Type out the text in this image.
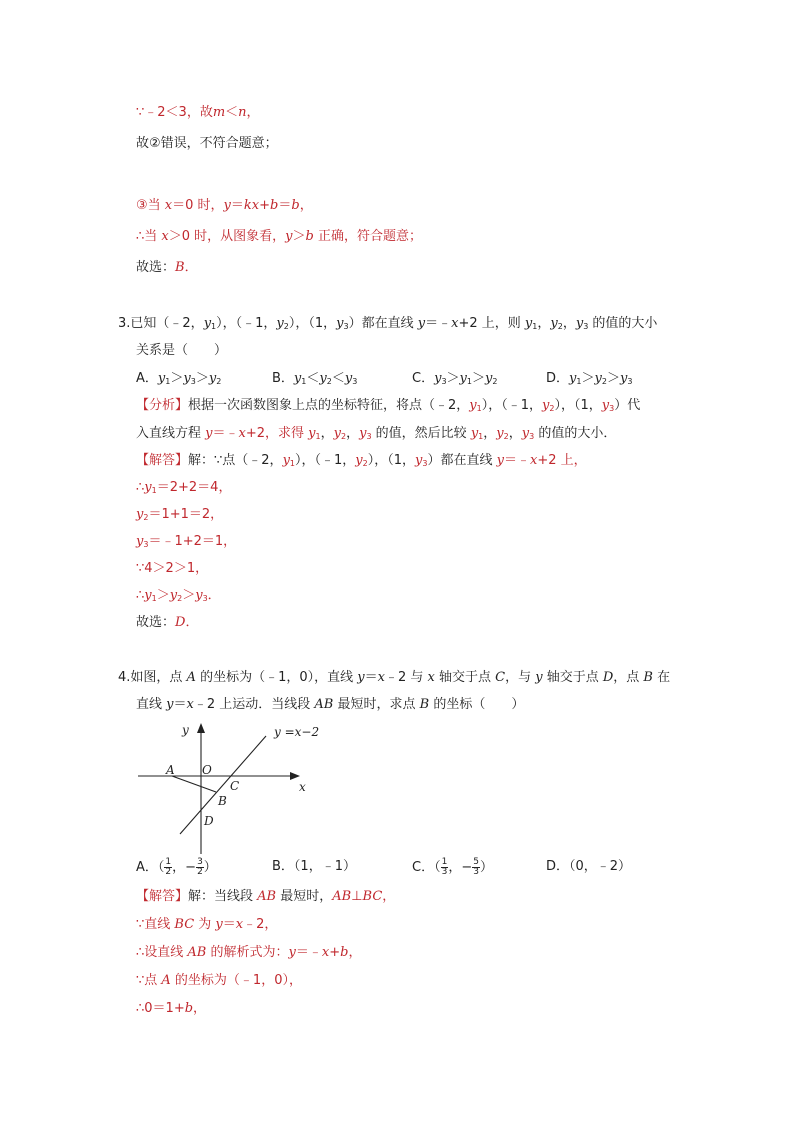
∵﹣2＜3，故m＜n，
故②错误，不符合题意；
③当 x＝0 时，y＝kx+b＝b，
∴当 x＞0 时，从图象看，y＞b 正确，符合题意；
故选：B．
3.已知（﹣2，$y_1$），（﹣1，$y_2$），（1，$y_3$）都在直线 y＝﹣x+2 上，则 $y_1$，$y_2$，$y_3$ 的值的大小
关系是（　　）
A．$y_1>y_3>y_2$	B．$y_1<y_2<y_3$	C．$y_3>y_1>y_2$	D．$y_1>y_2>y_3$
【分析】根据一次函数图象上点的坐标特征，将点（﹣2，$y_1$），（﹣1，$y_2$），（1，$y_3$）代
入直线方程 y＝﹣x+2，求得 $y_1$，$y_2$，$y_3$ 的值，然后比较 $y_1$，$y_2$，$y_3$ 的值的大小．
【解答】解：∵点（﹣2，$y_1$），（﹣1，$y_2$），（1，$y_3$）都在直线 y＝﹣x+2 上，
$\therefore y_1=2+2=4$，
$y_2=1+1=2$，
$y_3=﹣1+2=1$，
∵4＞2＞1，
$\therefore y_1>y_2>y_3$．
故选：D．
4.如图，点 A 的坐标为（﹣1，0），直线 y＝x﹣2 与 x 轴交于点 C，与 y 轴交于点 D，点 B 在
直线 y＝x﹣2 上运动．当线段 AB 最短时，求点 B 的坐标（　　）
y =x−2
y
x
A O
C
B
D
A．（ $\frac{1}{2}$ ，− $\frac{3}{2}$ ）	B．（1，﹣1）	C．（ $\frac{1}{3}$ ，− $\frac{5}{3}$ ）	D．（0，﹣2）
【解答】解：当线段 AB 最短时，AB⊥BC，
∵直线 BC 为 y＝x﹣2，
∴设直线 AB 的解析式为：y＝﹣x+b，
∵点 A 的坐标为（﹣1，0），
∴0＝1+b，
